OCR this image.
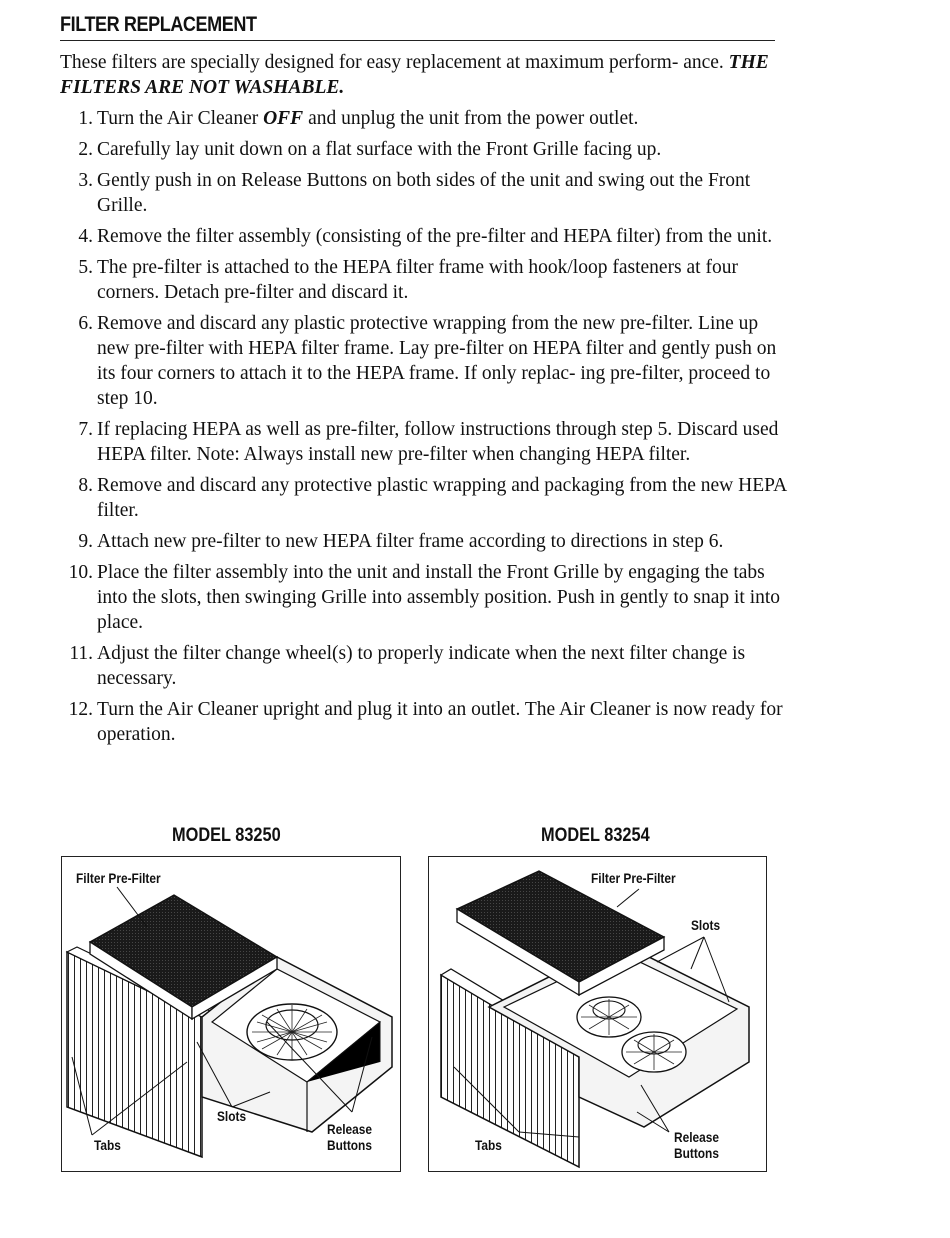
FILTER REPLACEMENT
These filters are specially designed for easy replacement at maximum perform- ance. THE FILTERS ARE NOT WASHABLE.
1. Turn the Air Cleaner OFF and unplug the unit from the power outlet.
2. Carefully lay unit down on a flat surface with the Front Grille facing up.
3. Gently push in on Release Buttons on both sides of the unit and swing out the Front Grille.
4. Remove the filter assembly (consisting of the pre-filter and HEPA filter) from the unit.
5. The pre-filter is attached to the HEPA filter frame with hook/loop fasteners at four corners. Detach pre-filter and discard it.
6. Remove and discard any plastic protective wrapping from the new pre-filter. Line up new pre-filter with HEPA filter frame. Lay pre-filter on HEPA filter and gently push on its four corners to attach it to the HEPA frame. If only replac- ing pre-filter, proceed to step 10.
7. If replacing HEPA as well as pre-filter, follow instructions through step 5. Discard used HEPA filter. Note: Always install new pre-filter when changing HEPA filter.
8. Remove and discard any protective plastic wrapping and packaging from the new HEPA filter.
9. Attach new pre-filter to new HEPA filter frame according to directions in step 6.
10. Place the filter assembly into the unit and install the Front Grille by engaging the tabs into the slots, then swinging Grille into assembly position. Push in gently to snap it into place.
11. Adjust the filter change wheel(s) to properly indicate when the next filter change is necessary.
12. Turn the Air Cleaner upright and plug it into an outlet. The Air Cleaner is now ready for operation.
MODEL 83250	MODEL 83254
Filter Pre-Filter
Slots
Tabs
Release
Buttons
Filter Pre-Filter
Slots
Tabs	Release
Buttons
